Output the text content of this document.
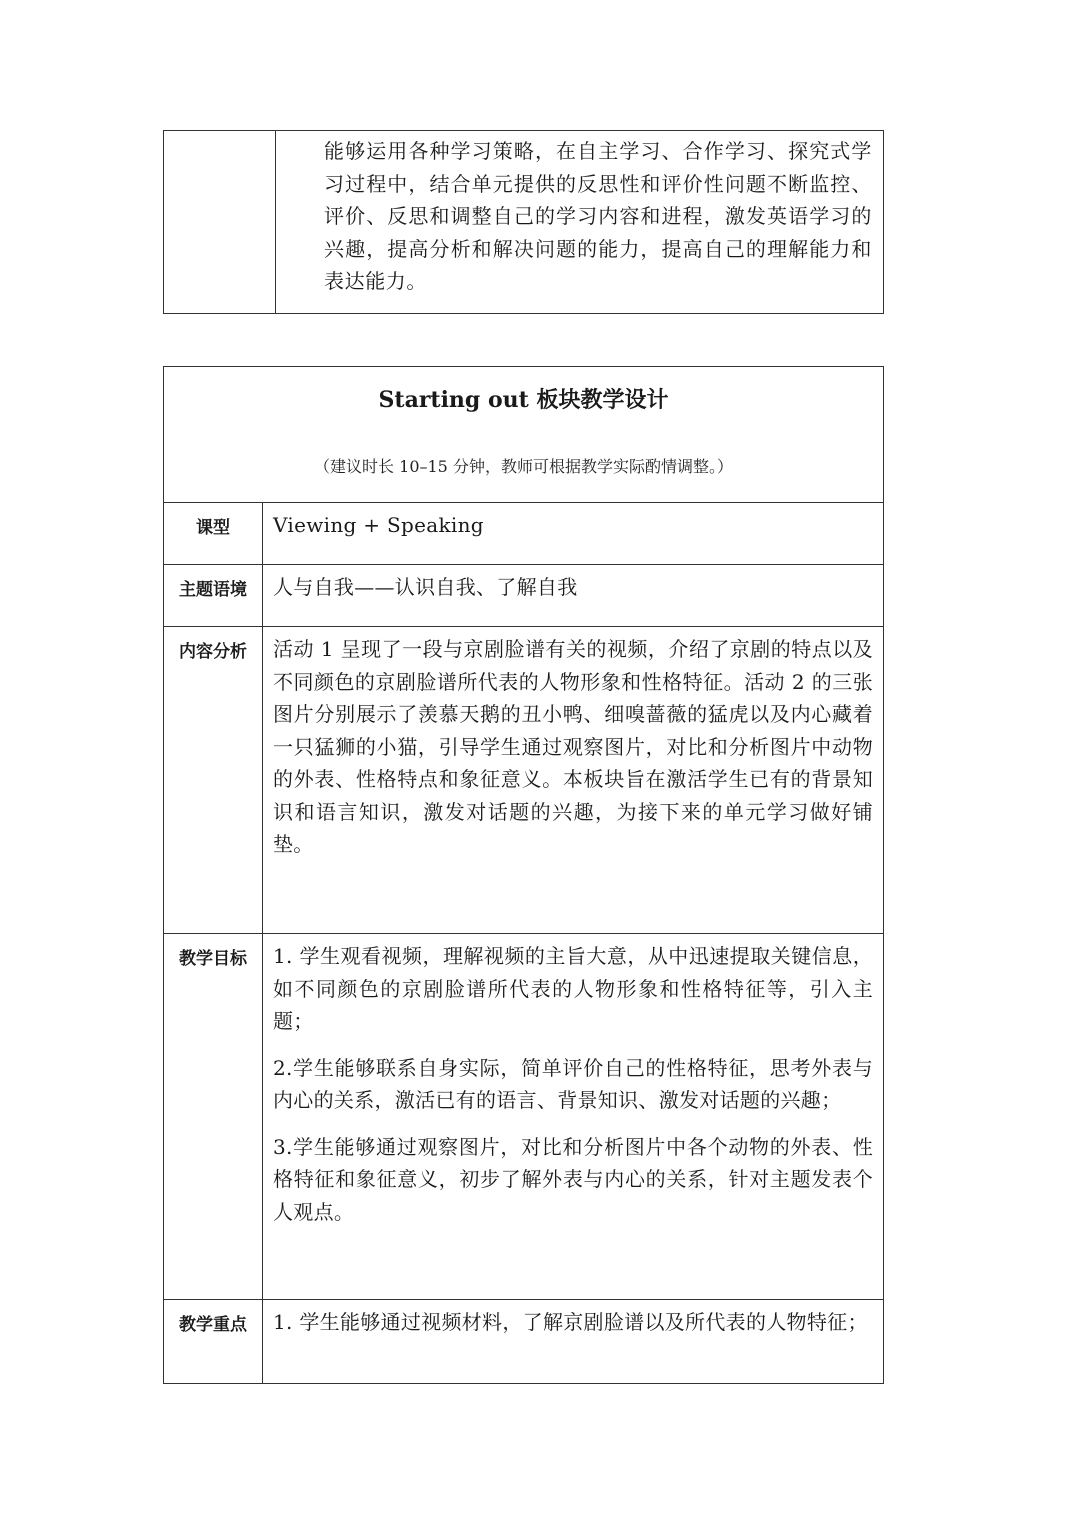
能够运用各种学习策略，在自主学习、合作学习、探究式学习过程中，结合单元提供的反思性和评价性问题不断监控、评价、反思和调整自己的学习内容和进程，激发英语学习的兴趣，提高分析和解决问题的能力，提高自己的理解能力和表达能力。
Starting out 板块教学设计
（建议时长 10–15 分钟，教师可根据教学实际酌情调整。）
课型	Viewing + Speaking
主题语境	人与自我——认识自我、了解自我
内容分析	活动 1 呈现了一段与京剧脸谱有关的视频，介绍了京剧的特点以及不同颜色的京剧脸谱所代表的人物形象和性格特征。活动 2 的三张图片分别展示了羡慕天鹅的丑小鸭、细嗅蔷薇的猛虎以及内心藏着一只猛狮的小猫，引导学生通过观察图片，对比和分析图片中动物的外表、性格特点和象征意义。本板块旨在激活学生已有的背景知识和语言知识，激发对话题的兴趣，为接下来的单元学习做好铺垫。
教学目标	1. 学生观看视频，理解视频的主旨大意，从中迅速提取关键信息，如不同颜色的京剧脸谱所代表的人物形象和性格特征等，引入主题；

2.学生能够联系自身实际，简单评价自己的性格特征，思考外表与内心的关系，激活已有的语言、背景知识、激发对话题的兴趣；

3.学生能够通过观察图片，对比和分析图片中各个动物的外表、性格特征和象征意义，初步了解外表与内心的关系，针对主题发表个人观点。

教学重点	1. 学生能够通过视频材料，了解京剧脸谱以及所代表的人物特征；
